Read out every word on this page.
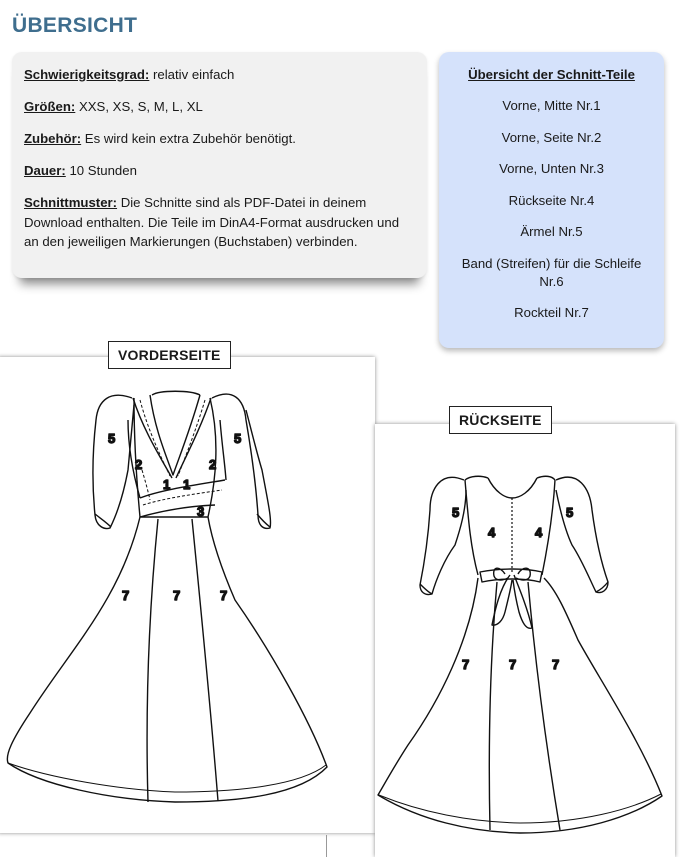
ÜBERSICHT

Schwierigkeitsgrad: relativ einfach

Größen: XXS, XS, S, M, L, XL

Zubehör: Es wird kein extra Zubehör benötigt.

Dauer: 10 Stunden

Schnittmuster: Die Schnitte sind als PDF-Datei in deinem Download enthalten. Die Teile im DinA4-Format ausdrucken und an den jeweiligen Markierungen (Buchstaben) verbinden.

Übersicht der Schnitt-Teile
Vorne, Mitte Nr.1
Vorne, Seite Nr.2
Vorne, Unten Nr.3
Rückseite Nr.4
Ärmel Nr.5
Band (Streifen) für die Schleife Nr.6
Rockteil Nr.7
5	5
2	2
1 1
3
7	7	7
VORDERSEITE
5	5
4	4
7	7	7
RÜCKSEITE
